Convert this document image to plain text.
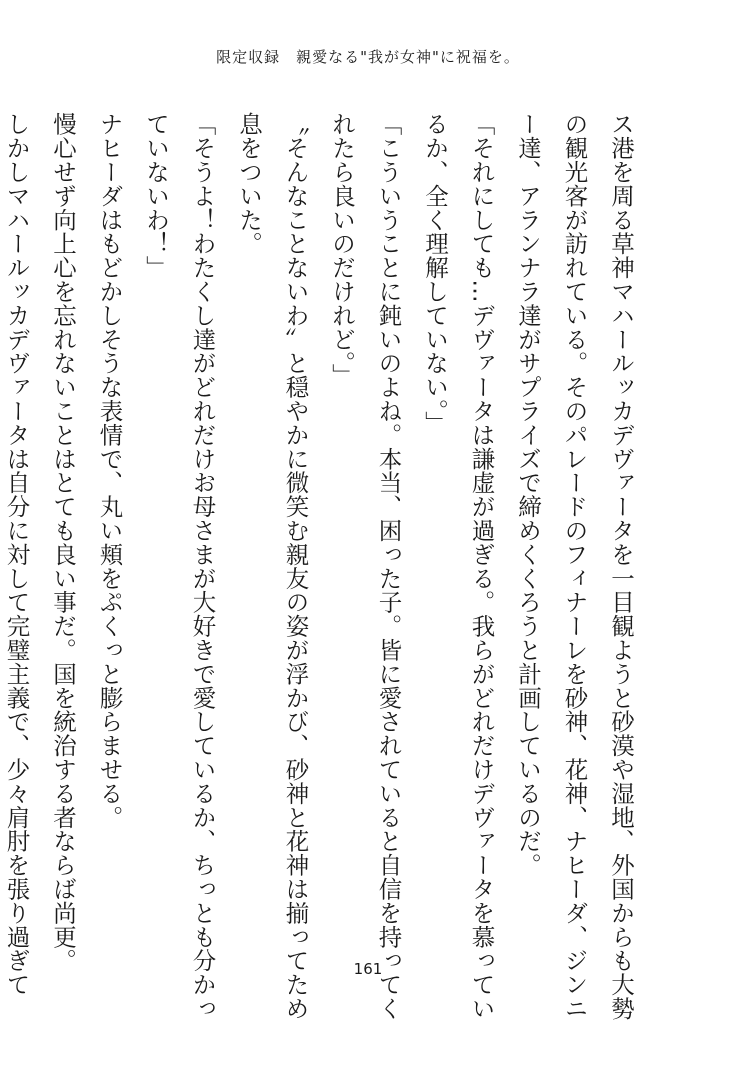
限定収録　親愛なる"我が女神"に祝福を。
ス港を周る草神マハールッカデヴァータを一目観ようと砂漠や湿地、外国からも大勢
の観光客が訪れている。そのパレードのフィナーレを砂神、花神、ナヒーダ、ジンニ
ー達、アランナラ達がサプライズで締めくくろうと計画しているのだ。
「それにしても…デヴァータは謙虚が過ぎる。我らがどれだけデヴァータを慕ってい
るか、全く理解していない。」
「こういうことに鈍いのよね。本当、困った子。皆に愛されていると自信を持ってく
れたら良いのだけれど。」
〝そんなことないわ〟と穏やかに微笑む親友の姿が浮かび、砂神と花神は揃ってため
息をついた。
「そうよ！わたくし達がどれだけお母さまが大好きで愛しているか、ちっとも分かっ
ていないわ！」
ナヒーダはもどかしそうな表情で、丸い頬をぷくっと膨らませる。
慢心せず向上心を忘れないことはとても良い事だ。国を統治する者ならば尚更。
しかしマハールッカデヴァータは自分に対して完璧主義で、少々肩肘を張り過ぎて	161
